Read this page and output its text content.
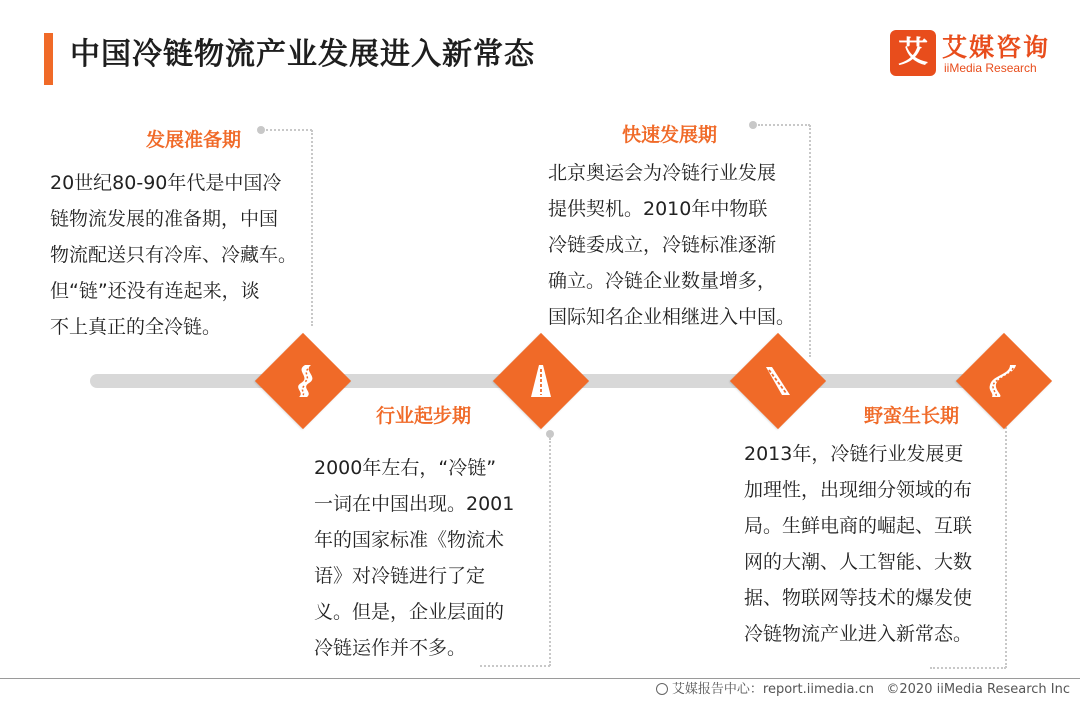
中国冷链物流产业发展进入新常态	艾 艾媒咨询
iiMedia Research
发展准备期
20世纪80-90年代是中国冷
链物流发展的准备期，中国
物流配送只有冷库、冷藏车。
但“链”还没有连起来，谈
不上真正的全冷链。
行业起步期
2000年左右，“冷链”
一词在中国出现。2001
年的国家标准《物流术
语》对冷链进行了定
义。但是，企业层面的
冷链运作并不多。
快速发展期
北京奥运会为冷链行业发展
提供契机。2010年中物联
冷链委成立，冷链标准逐渐
确立。冷链企业数量增多，
国际知名企业相继进入中国。
野蛮生长期
2013年，冷链行业发展更
加理性，出现细分领域的布
局。生鲜电商的崛起、互联
网的大潮、人工智能、大数
据、物联网等技术的爆发使
冷链物流产业进入新常态。
艾媒报告中心：report.iimedia.cn ©2020 iiMedia Research Inc
